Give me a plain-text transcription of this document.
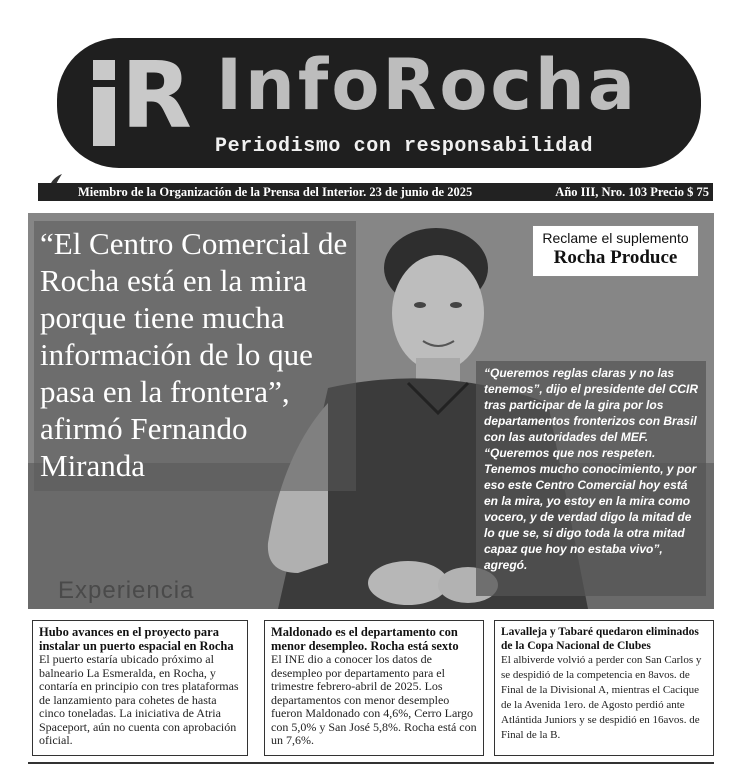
R InfoRocha
Periodismo con responsabilidad
Miembro de la Organización de la Prensa del Interior. 23 de junio de 2025	Año III, Nro. 103 Precio $ 75
“El Centro Comercial de Rocha está en la mira porque tiene mucha información de lo que pasa en la frontera”, afirmó Fernando Miranda
Reclame el suplemento
Rocha Produce

“Queremos reglas claras y no las tenemos”, dijo el presidente del CCIR tras participar de la gira por los departamentos fronterizos con Brasil con las autoridades del MEF. “Queremos que nos respeten. Tenemos mucho conocimiento, y por eso este Centro Comercial hoy está en la mira, yo estoy en la mira como vocero, y de verdad digo la mitad de lo que se, si digo toda la otra mitad capaz que hoy no estaba vivo”, agregó.

Experiencia

Hubo avances en el proyecto para instalar un puerto espacial en Rocha

El puerto estaría ubicado próximo al balneario La Esmeralda, en Rocha, y contaría en principio con tres plataformas de lanzamiento para cohetes de hasta cinco toneladas. La iniciativa de Atria Spaceport, aún no cuenta con aprobación oficial.

Maldonado es el departamento con menor desempleo. Rocha está sexto

El INE dio a conocer los datos de desempleo por departamento para el trimestre febrero-abril de 2025. Los departamentos con menor desempleo fueron Maldonado con 4,6%, Cerro Largo con 5,0% y San José 5,8%. Rocha está con un 7,6%.

Lavalleja y Tabaré quedaron eliminados de la Copa Nacional de Clubes

El albiverde volvió a perder con San Carlos y se despidió de la competencia en 8avos. de Final de la Divisional A, mientras el Cacique de la Avenida 1ero. de Agosto perdió ante Atlántida Juniors y se despidió en 16avos. de Final de la B.
